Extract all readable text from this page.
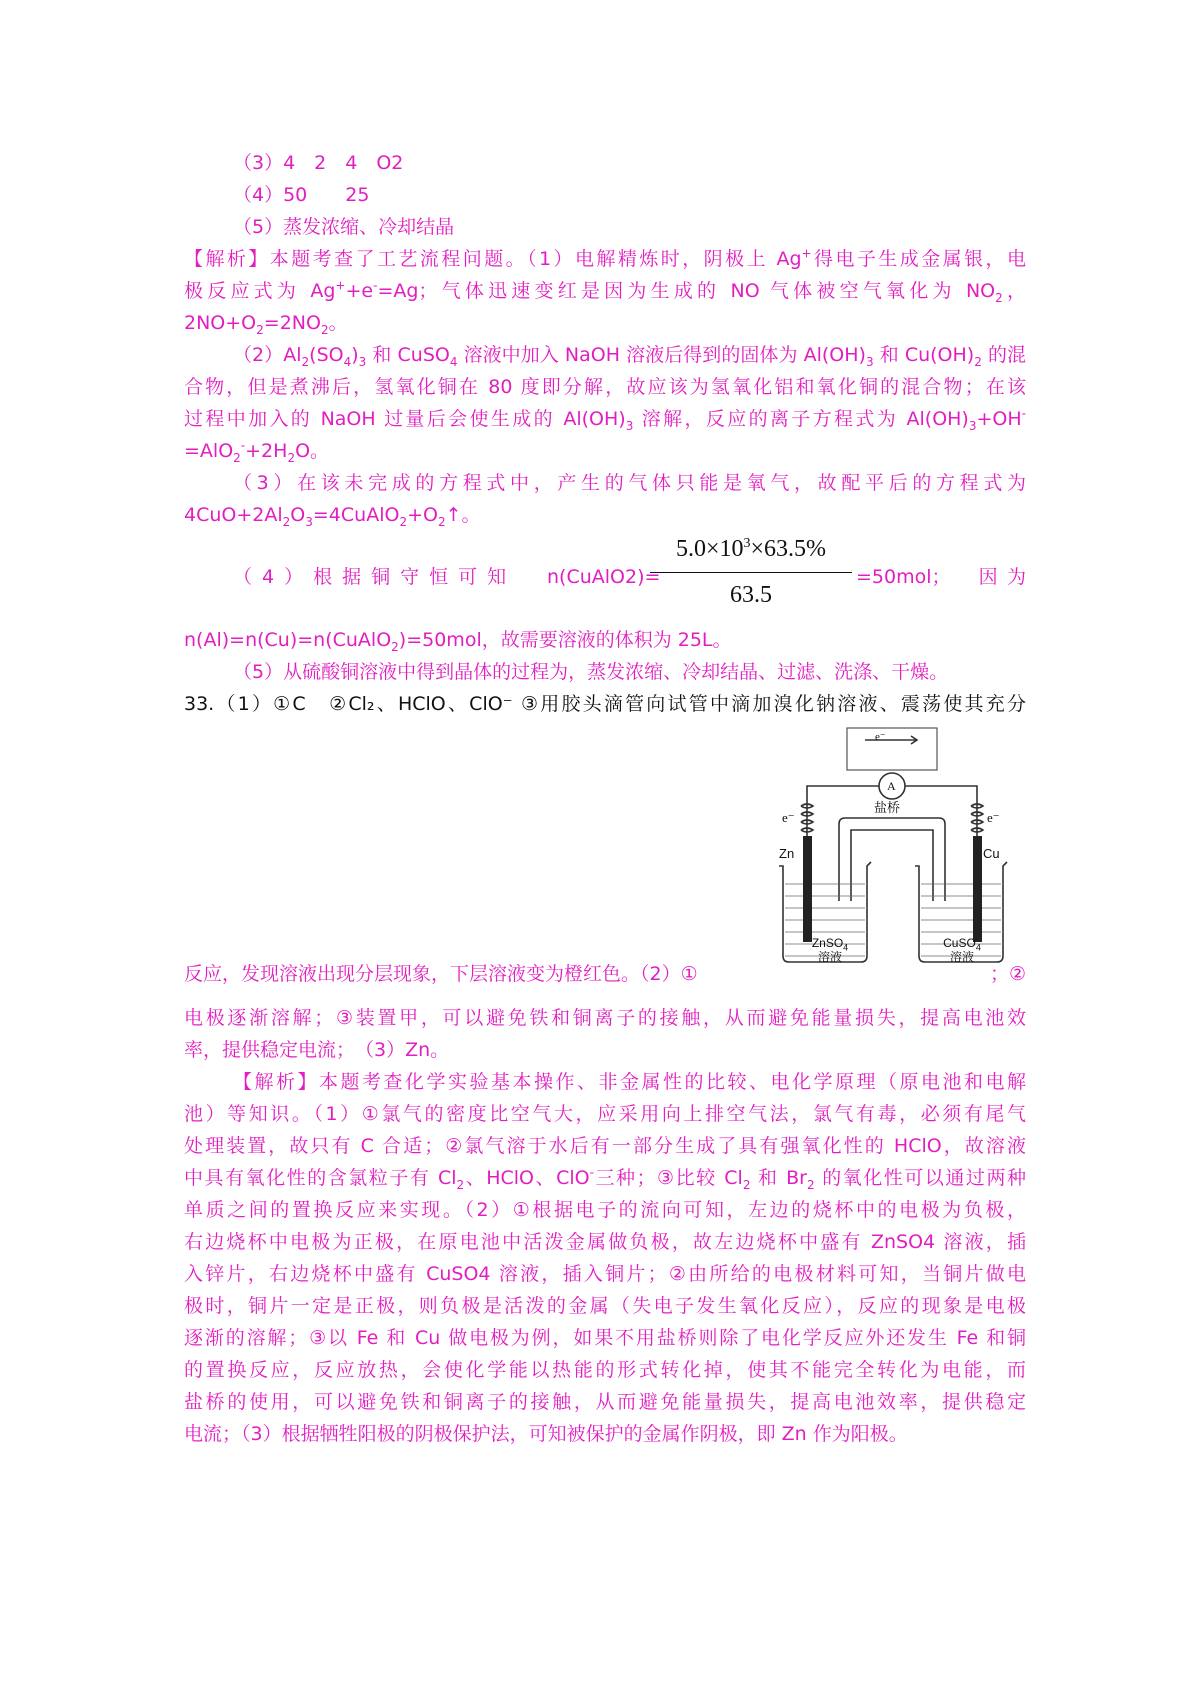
（3）4　2　4　O2
（4）50　　25
（5）蒸发浓缩、冷却结晶
【解析】本题考查了工艺流程问题。（1）电解精炼时，阴极上 Ag+得电子生成金属银，电
极反应式为 Ag++e-=Ag；气体迅速变红是因为生成的 NO 气体被空气氧化为 $NO_2$，
$2NO+O_2=2NO_2$。
$(2)Al_2(SO_4)_3$ 和 CuSO$_4$ 溶液中加入 NaOH 溶液后得到的固体为 $Al(OH)_3$ 和 $Cu(OH)_2$ 的混
合物，但是煮沸后，氢氧化铜在 80 度即分解，故应该为氢氧化铝和氧化铜的混合物；在该
过程中加入的 NaOH 过量后会使生成的 $Al(OH)_3$ 溶解，反应的离子方程式为 $Al(OH)_3+OH^-$
$=AlO_2^-+2H_2O$。
（3）在该未完成的方程式中，产生的气体只能是氧气，故配平后的方程式为
$4CuO+2Al_2O_3=4CuAlO_2+O_2↑$。
（4）根据铜守恒可知	n(CuAlO2)=
$5.0\times 10^3\times 63.5\%$
63.5
=50mol；　因为
n(Al)=n(Cu)=n(CuAlO$_2$)=50mol，故需要溶液的体积为 25L。
（5）从硫酸铜溶液中得到晶体的过程为，蒸发浓缩、冷却结晶、过滤、洗涤、干燥。
33.（1）①C　②Cl₂、HClO、ClO⁻ ③用胶头滴管向试管中滴加溴化钠溶液、震荡使其充分
e⁻
A
盐桥
e⁻	e⁻
Zn	Cu
ZnSO$_4$
溶液
CuSO$_4$
溶液
反应，发现溶液出现分层现象，下层溶液变为橙红色。（2）①	；②
电极逐渐溶解；③装置甲，可以避免铁和铜离子的接触，从而避免能量损失，提高电池效
率，提供稳定电流；　（3）Zn。
【解析】本题考查化学实验基本操作、非金属性的比较、电化学原理（原电池和电解
池）等知识。（1）①氯气的密度比空气大，应采用向上排空气法，氯气有毒，必须有尾气
处理装置，故只有 C 合适；②氯气溶于水后有一部分生成了具有强氧化性的 HClO，故溶液
中具有氧化性的含氯粒子有 $Cl_2$、HClO、ClO-三种；③比较 $Cl_2$ 和 $Br_2$ 的氧化性可以通过两种
单质之间的置换反应来实现。（2）①根据电子的流向可知，左边的烧杯中的电极为负极，
右边烧杯中电极为正极，在原电池中活泼金属做负极，故左边烧杯中盛有 ZnSO4 溶液，插
入锌片，右边烧杯中盛有 CuSO4 溶液，插入铜片；②由所给的电极材料可知，当铜片做电
极时，铜片一定是正极，则负极是活泼的金属（失电子发生氧化反应），反应的现象是电极
逐渐的溶解；③以 Fe 和 Cu 做电极为例，如果不用盐桥则除了电化学反应外还发生 Fe 和铜
的置换反应，反应放热，会使化学能以热能的形式转化掉，使其不能完全转化为电能，而
盐桥的使用，可以避免铁和铜离子的接触，从而避免能量损失，提高电池效率，提供稳定
电流；（3）根据牺牲阳极的阴极保护法，可知被保护的金属作阴极，即 Zn 作为阳极。
